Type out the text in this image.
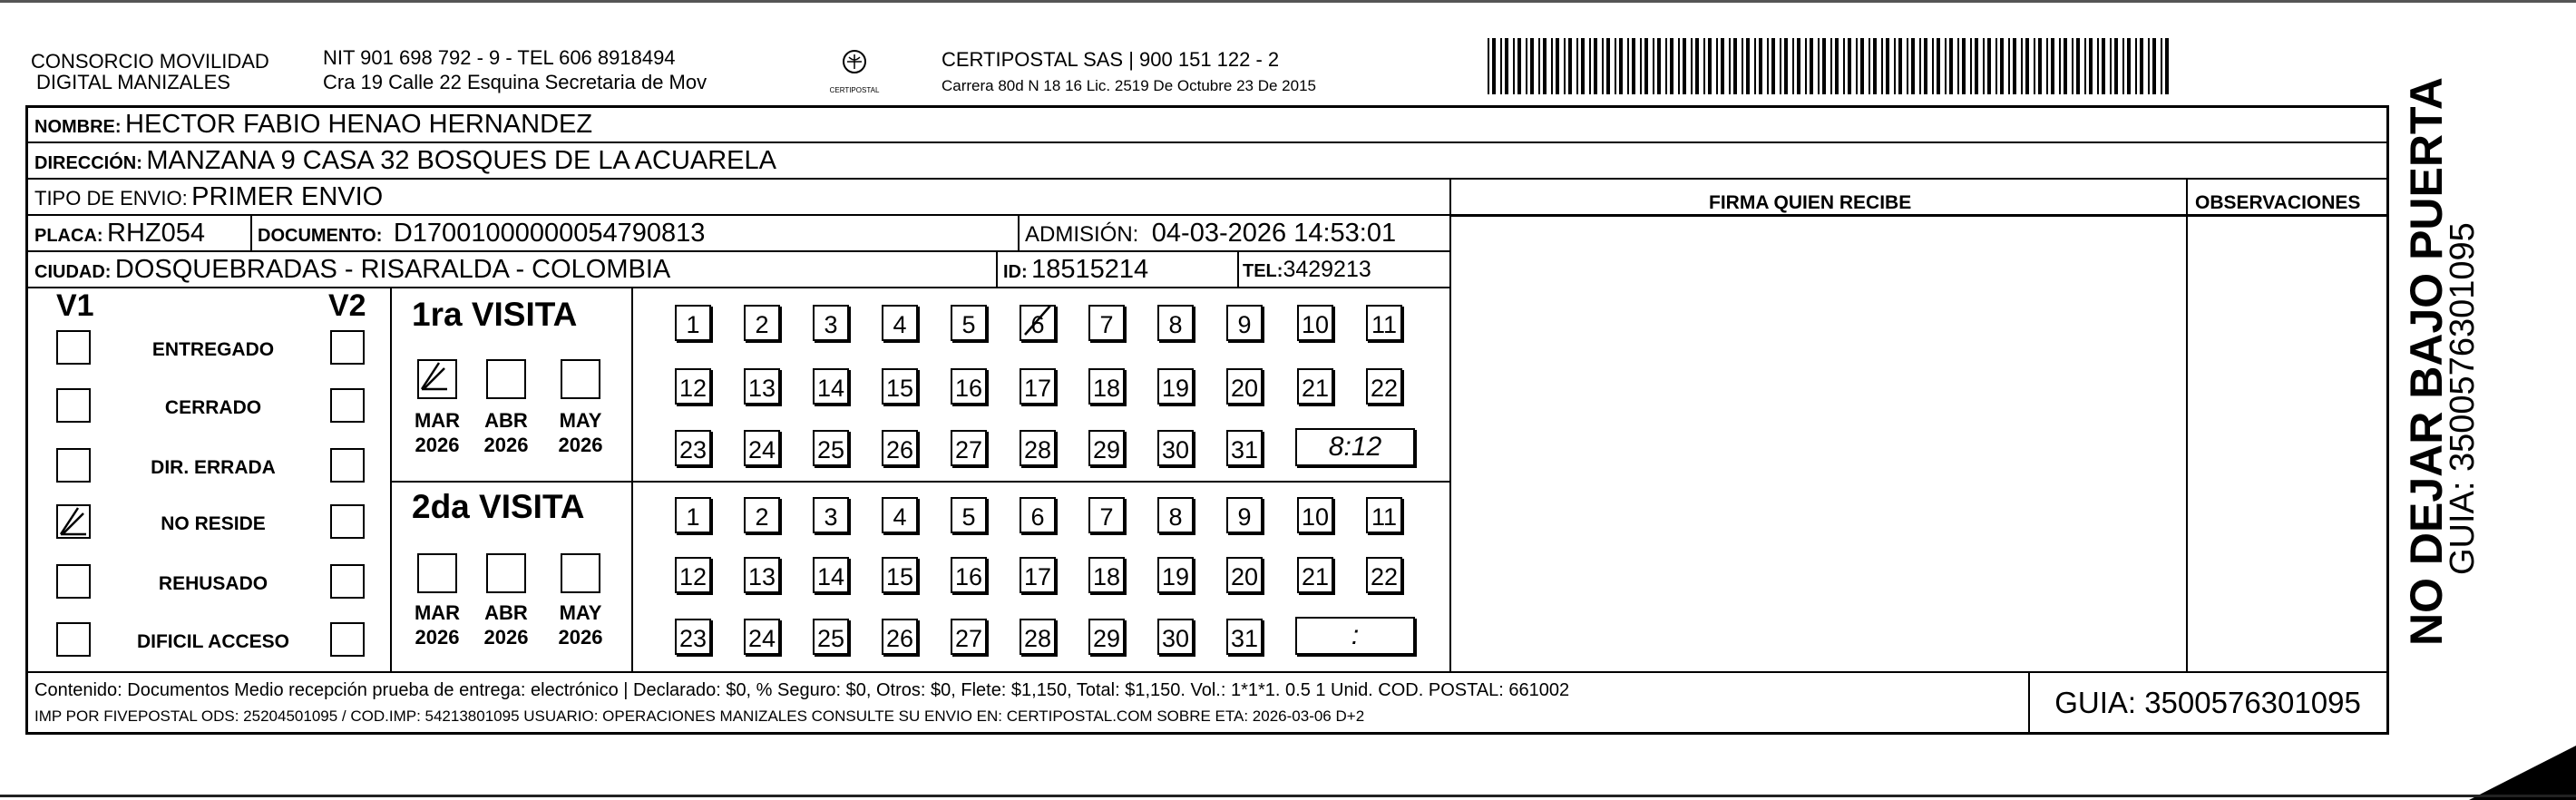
CONSORCIO MOVILIDAD
DIGITAL MANIZALES
NIT 901 698 792 - 9 - TEL 606 8918494
Cra 19 Calle 22 Esquina Secretaria de Mov	CERTIPOSTAL
CERTIPOSTAL SAS | 900 151 122 - 2
Carrera 80d N 18 16 Lic. 2519 De Octubre 23 De 2015
NOMBRE: HECTOR FABIO HENAO HERNANDEZ
DIRECCIÓN: MANZANA 9 CASA 32 BOSQUES DE LA ACUARELA
TIPO DE ENVIO: PRIMER ENVIO	FIRMA QUIEN RECIBE	OBSERVACIONES
PLACA: RHZ054	DOCUMENTO: D17001000000054790813	ADMISIÓN: 04-03-2026 14:53:01
CIUDAD: DOSQUEBRADAS - RISARALDA - COLOMBIA	ID: 18515214	TEL:3429213
V1	V2
ENTREGADO
CERRADO
DIR. ERRADA
NO RESIDE
REHUSADO
DIFICIL ACCESO
1ra VISITA
MAR
2026
ABR
2026
MAY
2026
1	2	3	4	5	6	7	8	9	10 11
12 13 14 15 16 17 18 19 20 21 22
23 24 25 26 27 28 29 30 31	8:12
2da VISITA
MAR
2026
ABR
2026
MAY
2026
1	2	3	4	5	6	7	8	9	10 11
12 13 14 15 16 17 18 19 20 21 22
23 24 25 26 27 28 29 30 31	:
Contenido: Documentos Medio recepción prueba de entrega: electrónico | Declarado: $0, % Seguro: $0, Otros: $0, Flete: $1,150, Total: $1,150. Vol.: 1*1*1. 0.5 1 Unid. COD. POSTAL: 661002
IMP POR FIVEPOSTAL ODS: 25204501095 / COD.IMP: 54213801095 USUARIO: OPERACIONES MANIZALES CONSULTE SU ENVIO EN: CERTIPOSTAL.COM SOBRE ETA: 2026-03-06 D+2	GUIA: 3500576301095
NO DEJAR BAJO PUERTA
GUIA: 3500576301095
